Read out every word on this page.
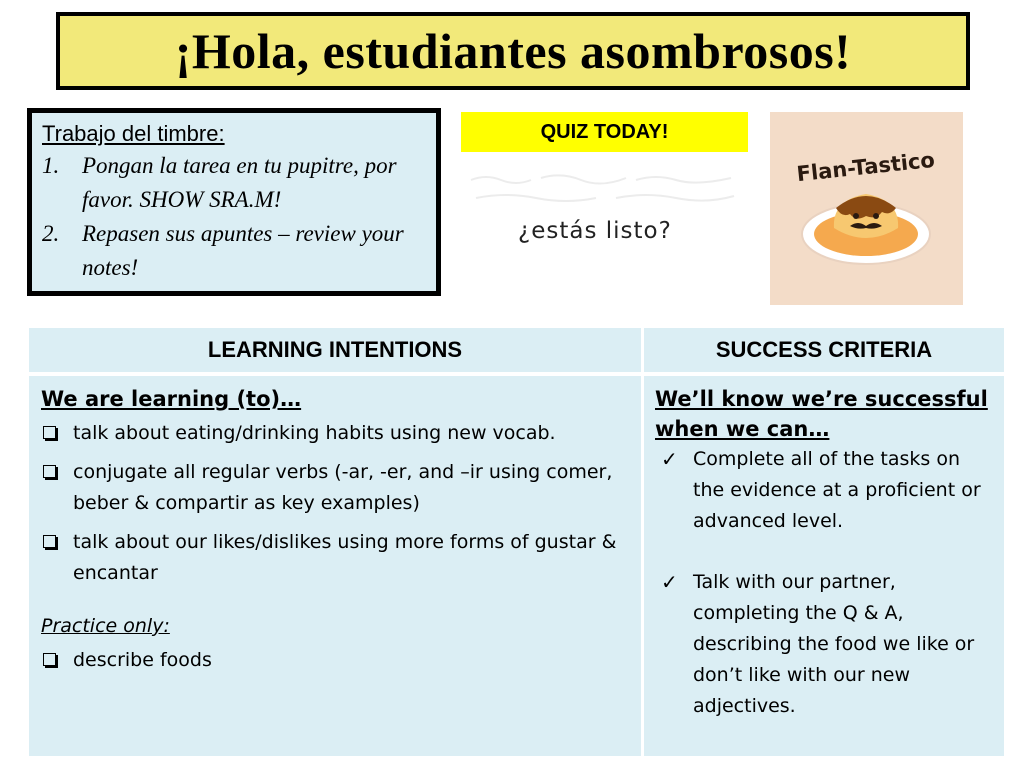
¡Hola, estudiantes asombrosos!
Trabajo del timbre:
1. Pongan la tarea en tu pupitre, por favor. SHOW SRA.M!
2. Repasen sus apuntes – review your notes!
QUIZ TODAY!
¿estás listo?
Flan-Tastico
LEARNING INTENTIONS	SUCCESS CRITERIA
We are learning (to)…
talk about eating/drinking habits using new vocab.
conjugate all regular verbs (-ar, -er, and –ir using comer, beber & compartir as key examples)
talk about our likes/dislikes using more forms of gustar & encantar
Practice only:
describe foods
We’ll know we’re successful when we can…
✓ Complete all of the tasks on the evidence at a proficient or advanced level.
✓ Talk with our partner, completing the Q & A, describing the food we like or don’t like with our new adjectives.
